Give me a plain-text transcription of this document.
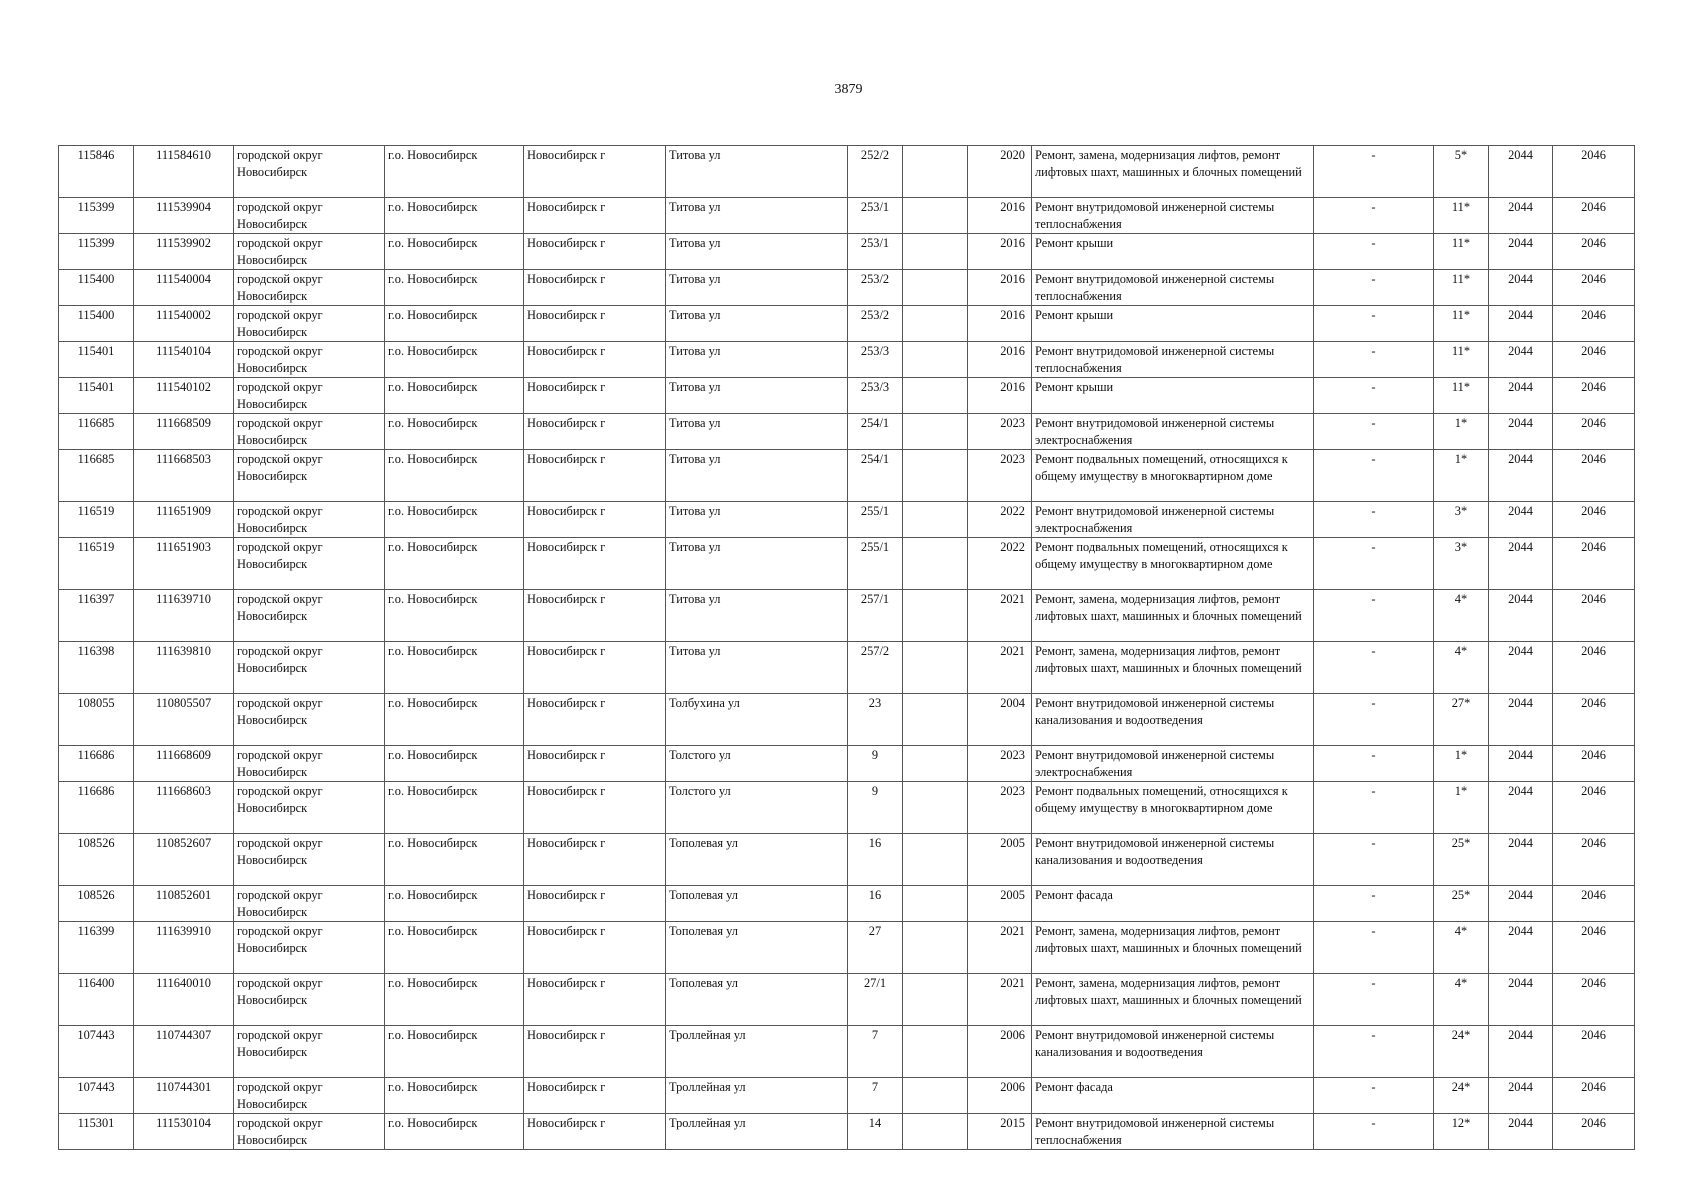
3879
115846	111584610	городской округ Новосибирск	г.о. Новосибирск	Новосибирск г	Титова ул	252/2		2020	Ремонт, замена, модернизация лифтов, ремонт лифтовых шахт, машинных и блочных помещений	-	5*	2044	2046
115399	111539904	городской округ Новосибирск	г.о. Новосибирск	Новосибирск г	Титова ул	253/1		2016	Ремонт внутридомовой инженерной системы теплоснабжения	-	11*	2044	2046
115399	111539902	городской округ Новосибирск	г.о. Новосибирск	Новосибирск г	Титова ул	253/1		2016	Ремонт крыши	-	11*	2044	2046
115400	111540004	городской округ Новосибирск	г.о. Новосибирск	Новосибирск г	Титова ул	253/2		2016	Ремонт внутридомовой инженерной системы теплоснабжения	-	11*	2044	2046
115400	111540002	городской округ Новосибирск	г.о. Новосибирск	Новосибирск г	Титова ул	253/2		2016	Ремонт крыши	-	11*	2044	2046
115401	111540104	городской округ Новосибирск	г.о. Новосибирск	Новосибирск г	Титова ул	253/3		2016	Ремонт внутридомовой инженерной системы теплоснабжения	-	11*	2044	2046
115401	111540102	городской округ Новосибирск	г.о. Новосибирск	Новосибирск г	Титова ул	253/3		2016	Ремонт крыши	-	11*	2044	2046
116685	111668509	городской округ Новосибирск	г.о. Новосибирск	Новосибирск г	Титова ул	254/1		2023	Ремонт внутридомовой инженерной системы электроснабжения	-	1*	2044	2046
116685	111668503	городской округ Новосибирск	г.о. Новосибирск	Новосибирск г	Титова ул	254/1		2023	Ремонт подвальных помещений, относящихся к общему имуществу в многоквартирном доме	-	1*	2044	2046
116519	111651909	городской округ Новосибирск	г.о. Новосибирск	Новосибирск г	Титова ул	255/1		2022	Ремонт внутридомовой инженерной системы электроснабжения	-	3*	2044	2046
116519	111651903	городской округ Новосибирск	г.о. Новосибирск	Новосибирск г	Титова ул	255/1		2022	Ремонт подвальных помещений, относящихся к общему имуществу в многоквартирном доме	-	3*	2044	2046
116397	111639710	городской округ Новосибирск	г.о. Новосибирск	Новосибирск г	Титова ул	257/1		2021	Ремонт, замена, модернизация лифтов, ремонт лифтовых шахт, машинных и блочных помещений	-	4*	2044	2046
116398	111639810	городской округ Новосибирск	г.о. Новосибирск	Новосибирск г	Титова ул	257/2		2021	Ремонт, замена, модернизация лифтов, ремонт лифтовых шахт, машинных и блочных помещений	-	4*	2044	2046
108055	110805507	городской округ Новосибирск	г.о. Новосибирск	Новосибирск г	Толбухина ул	23		2004	Ремонт внутридомовой инженерной системы канализования и водоотведения	-	27*	2044	2046
116686	111668609	городской округ Новосибирск	г.о. Новосибирск	Новосибирск г	Толстого ул	9		2023	Ремонт внутридомовой инженерной системы электроснабжения	-	1*	2044	2046
116686	111668603	городской округ Новосибирск	г.о. Новосибирск	Новосибирск г	Толстого ул	9		2023	Ремонт подвальных помещений, относящихся к общему имуществу в многоквартирном доме	-	1*	2044	2046
108526	110852607	городской округ Новосибирск	г.о. Новосибирск	Новосибирск г	Тополевая ул	16		2005	Ремонт внутридомовой инженерной системы канализования и водоотведения	-	25*	2044	2046
108526	110852601	городской округ Новосибирск	г.о. Новосибирск	Новосибирск г	Тополевая ул	16		2005	Ремонт фасада	-	25*	2044	2046
116399	111639910	городской округ Новосибирск	г.о. Новосибирск	Новосибирск г	Тополевая ул	27		2021	Ремонт, замена, модернизация лифтов, ремонт лифтовых шахт, машинных и блочных помещений	-	4*	2044	2046
116400	111640010	городской округ Новосибирск	г.о. Новосибирск	Новосибирск г	Тополевая ул	27/1		2021	Ремонт, замена, модернизация лифтов, ремонт лифтовых шахт, машинных и блочных помещений	-	4*	2044	2046
107443	110744307	городской округ Новосибирск	г.о. Новосибирск	Новосибирск г	Троллейная ул	7		2006	Ремонт внутридомовой инженерной системы канализования и водоотведения	-	24*	2044	2046
107443	110744301	городской округ Новосибирск	г.о. Новосибирск	Новосибирск г	Троллейная ул	7		2006	Ремонт фасада	-	24*	2044	2046
115301	111530104	городской округ Новосибирск	г.о. Новосибирск	Новосибирск г	Троллейная ул	14		2015	Ремонт внутридомовой инженерной системы теплоснабжения	-	12*	2044	2046
